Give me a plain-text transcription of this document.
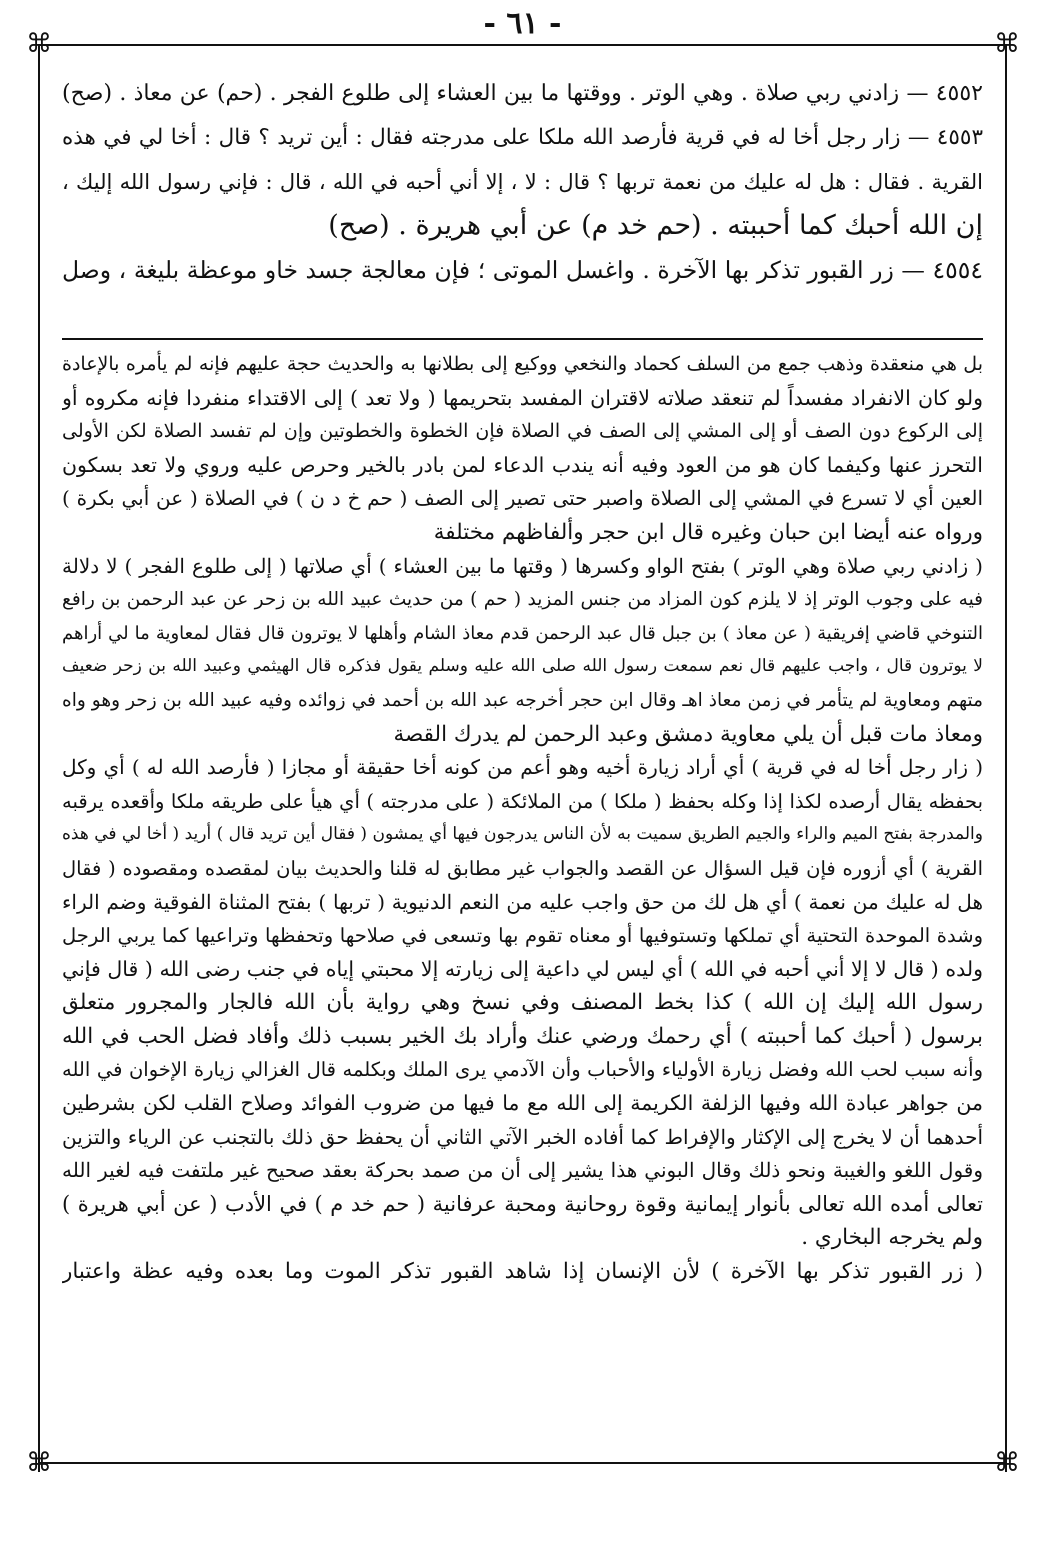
- ٦١ -
⌘	⌘
⌘	⌘
٤٥٥٢ — زادني ربي صلاة . وهي الوتر . ووقتها ما بين العشاء إلى طلوع الفجر . (حم) عن معاذ . (صح)
٤٥٥٣ — زار رجل أخا له في قرية فأرصد الله ملكا على مدرجته فقال : أين تريد ؟ قال : أخا لي في هذه
القرية . فقال : هل له عليك من نعمة تربها ؟ قال : لا ، إلا أني أحبه في الله ، قال : فإني رسول الله إليك ،
إن الله أحبك كما أحببته . (حم خد م) عن أبي هريرة . (صح)
٤٥٥٤ — زر القبور تذكر بها الآخرة . واغسل الموتى ؛ فإن معالجة جسد خاو موعظة بليغة ، وصل
بل هي منعقدة وذهب جمع من السلف كحماد والنخعي ووكيع إلى بطلانها به والحديث حجة عليهم فإنه لم يأمره بالإعادة
ولو كان الانفراد مفسداً لم تنعقد صلاته لاقتران المفسد بتحريمها ( ولا تعد ) إلى الاقتداء منفردا فإنه مكروه أو
إلى الركوع دون الصف أو إلى المشي إلى الصف في الصلاة فإن الخطوة والخطوتين وإن لم تفسد الصلاة لكن الأولى
التحرز عنها وكيفما كان هو من العود وفيه أنه يندب الدعاء لمن بادر بالخير وحرص عليه وروي ولا تعد بسكون
العين أي لا تسرع في المشي إلى الصلاة واصبر حتى تصير إلى الصف ( حم خ د ن ) في الصلاة ( عن أبي بكرة )
ورواه عنه أيضا ابن حبان وغيره قال ابن حجر وألفاظهم مختلفة
( زادني ربي صلاة وهي الوتر ) بفتح الواو وكسرها ( وقتها ما بين العشاء ) أي صلاتها ( إلى طلوع الفجر ) لا دلالة
فيه على وجوب الوتر إذ لا يلزم كون المزاد من جنس المزيد ( حم ) من حديث عبيد الله بن زحر عن عبد الرحمن بن رافع
التنوخي قاضي إفريقية ( عن معاذ ) بن جبل قال عبد الرحمن قدم معاذ الشام وأهلها لا يوترون قال فقال لمعاوية ما لي أراهم
لا يوترون قال ، واجب عليهم قال نعم سمعت رسول الله صلى الله عليه وسلم يقول فذكره قال الهيثمي وعبيد الله بن زحر ضعيف
متهم ومعاوية لم يتأمر في زمن معاذ اهـ وقال ابن حجر أخرجه عبد الله بن أحمد في زوائده وفيه عبيد الله بن زحر وهو واه
ومعاذ مات قبل أن يلي معاوية دمشق وعبد الرحمن لم يدرك القصة
( زار رجل أخا له في قرية ) أي أراد زيارة أخيه وهو أعم من كونه أخا حقيقة أو مجازا ( فأرصد الله له ) أي وكل
بحفظه يقال أرصده لكذا إذا وكله بحفظ ( ملكا ) من الملائكة ( على مدرجته ) أي هيأ على طريقه ملكا وأقعده يرقبه
والمدرجة بفتح الميم والراء والجيم الطريق سميت به لأن الناس يدرجون فيها أي يمشون ( فقال أين تريد قال ) أريد ( أخا لي في هذه
القرية ) أي أزوره فإن قيل السؤال عن القصد والجواب غير مطابق له قلنا والحديث بيان لمقصده ومقصوده ( فقال
هل له عليك من نعمة ) أي هل لك من حق واجب عليه من النعم الدنيوية ( تربها ) بفتح المثناة الفوقية وضم الراء
وشدة الموحدة التحتية أي تملكها وتستوفيها أو معناه تقوم بها وتسعى في صلاحها وتحفظها وتراعيها كما يربي الرجل
ولده ( قال لا إلا أني أحبه في الله ) أي ليس لي داعية إلى زيارته إلا محبتي إياه في جنب رضى الله ( قال فإني
رسول الله إليك إن الله ) كذا بخط المصنف وفي نسخ وهي رواية بأن الله فالجار والمجرور متعلق
برسول ( أحبك كما أحببته ) أي رحمك ورضي عنك وأراد بك الخير بسبب ذلك وأفاد فضل الحب في الله
وأنه سبب لحب الله وفضل زيارة الأولياء والأحباب وأن الآدمي يرى الملك وبكلمه قال الغزالي زيارة الإخوان في الله
من جواهر عبادة الله وفيها الزلفة الكريمة إلى الله مع ما فيها من ضروب الفوائد وصلاح القلب لكن بشرطين
أحدهما أن لا يخرج إلى الإكثار والإفراط كما أفاده الخبر الآتي الثاني أن يحفظ حق ذلك بالتجنب عن الرياء والتزين
وقول اللغو والغيبة ونحو ذلك وقال البوني هذا يشير إلى أن من صمد بحركة بعقد صحيح غير ملتفت فيه لغير الله
تعالى أمده الله تعالى بأنوار إيمانية وقوة روحانية ومحبة عرفانية ( حم خد م ) في الأدب ( عن أبي هريرة )
ولم يخرجه البخاري .
( زر القبور تذكر بها الآخرة ) لأن الإنسان إذا شاهد القبور تذكر الموت وما بعده وفيه عظة واعتبار
